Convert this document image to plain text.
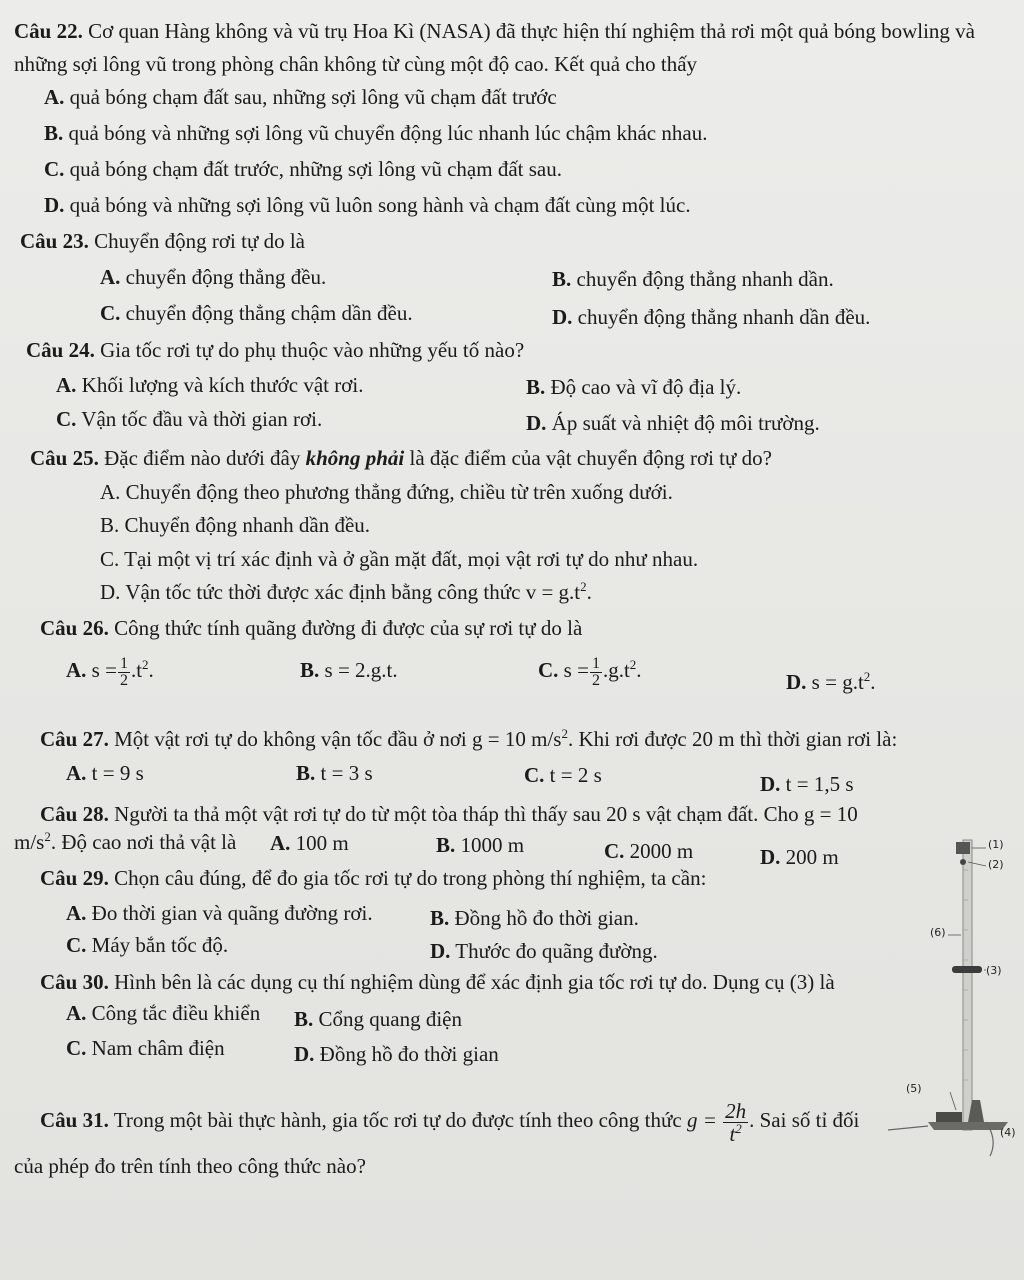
Câu 22. Cơ quan Hàng không và vũ trụ Hoa Kì (NASA) đã thực hiện thí nghiệm thả rơi một quả bóng bowling và
những sợi lông vũ trong phòng chân không từ cùng một độ cao. Kết quả cho thấy
A. quả bóng chạm đất sau, những sợi lông vũ chạm đất trước
B. quả bóng và những sợi lông vũ chuyển động lúc nhanh lúc chậm khác nhau.
C. quả bóng chạm đất trước, những sợi lông vũ chạm đất sau.
D. quả bóng và những sợi lông vũ luôn song hành và chạm đất cùng một lúc.
Câu 23. Chuyển động rơi tự do là
A. chuyển động thẳng đều.	B. chuyển động thẳng nhanh dần.
C. chuyển động thẳng chậm dần đều.	D. chuyển động thẳng nhanh dần đều.
Câu 24. Gia tốc rơi tự do phụ thuộc vào những yếu tố nào?
A. Khối lượng và kích thước vật rơi.	B. Độ cao và vĩ độ địa lý.
C. Vận tốc đầu và thời gian rơi.	D. Áp suất và nhiệt độ môi trường.
Câu 25. Đặc điểm nào dưới đây không phải là đặc điểm của vật chuyển động rơi tự do?
A. Chuyển động theo phương thẳng đứng, chiều từ trên xuống dưới.
B. Chuyển động nhanh dần đều.
C. Tại một vị trí xác định và ở gần mặt đất, mọi vật rơi tự do như nhau.
D. Vận tốc tức thời được xác định bằng công thức $v = g.t^2$.
Câu 26. Công thức tính quãng đường đi được của sự rơi tự do là
A. $s = \frac{1}{2} .t^2$.	B. s = 2.g.t.	C. $s = \frac{1}{2} .g.t^2$.	D. $s = g.t^2$.
Câu 27. Một vật rơi tự do không vận tốc đầu ở nơi g = 10 $m/s^2$. Khi rơi được 20 m thì thời gian rơi là:
A. t = 9 s	B. t = 3 s	C. t = 2 s	D. t = 1,5 s
Câu 28. Người ta thả một vật rơi tự do từ một tòa tháp thì thấy sau 20 s vật chạm đất. Cho g = 10
$m/s^2$. Độ cao nơi thả vật là A. 100 m	B. 1000 m	C. 2000 m	D. 200 m
Câu 29. Chọn câu đúng, để đo gia tốc rơi tự do trong phòng thí nghiệm, ta cần:
A. Đo thời gian và quãng đường rơi.	B. Đồng hồ đo thời gian.
C. Máy bắn tốc độ.	D. Thước đo quãng đường.
Câu 30. Hình bên là các dụng cụ thí nghiệm dùng để xác định gia tốc rơi tự do. Dụng cụ (3) là
A. Công tắc điều khiển B. Cổng quang điện
C. Nam châm điện	D. Đồng hồ đo thời gian
Câu 31. Trong một bài thực hành, gia tốc rơi tự do được tính theo công thức $g = \frac{2h}{t^2}$ . Sai số tỉ đối
của phép đo trên tính theo công thức nào?
(1)
(2)
(6)
(3)
(5)
(4)
